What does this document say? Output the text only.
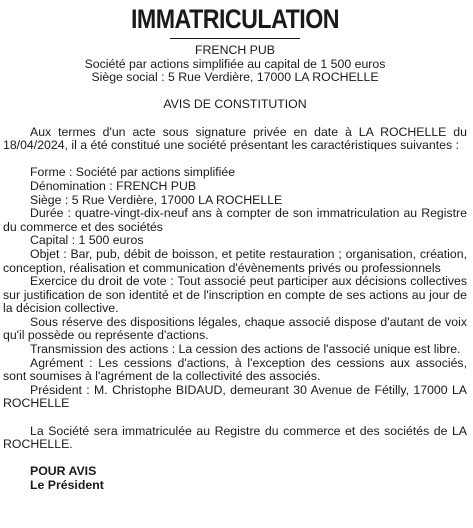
IMMATRICULATION
FRENCH PUB
Société par actions simplifiée au capital de 1 500 euros
Siège social : 5 Rue Verdière, 17000 LA ROCHELLE
AVIS DE CONSTITUTION

Aux termes d'un acte sous signature privée en date à LA ROCHELLE du 18/04/2024, il a été constitué une société présentant les caractéristiques suivantes :

Forme : Société par actions simplifiée

Dénomination : FRENCH PUB

Siège : 5 Rue Verdière, 17000 LA ROCHELLE

Durée : quatre-vingt-dix-neuf ans à compter de son immatriculation au Registre du commerce et des sociétés

Capital : 1 500 euros

Objet : Bar, pub, débit de boisson, et petite restauration ; organisation, création, conception, réalisation et communication d'évènements privés ou professionnels

Exercice du droit de vote : Tout associé peut participer aux décisions collectives sur justification de son identité et de l'inscription en compte de ses actions au jour de la décision collective.

Sous réserve des dispositions légales, chaque associé dispose d'autant de voix qu'il possède ou représente d'actions.

Transmission des actions : La cession des actions de l'associé unique est libre.

Agrément : Les cessions d'actions, à l'exception des cessions aux associés, sont soumises à l'agrément de la collectivité des associés.

Président : M. Christophe BIDAUD, demeurant 30 Avenue de Fétilly, 17000 LA ROCHELLE

La Société sera immatriculée au Registre du commerce et des sociétés de LA ROCHELLE.

POUR AVIS
Le Président
